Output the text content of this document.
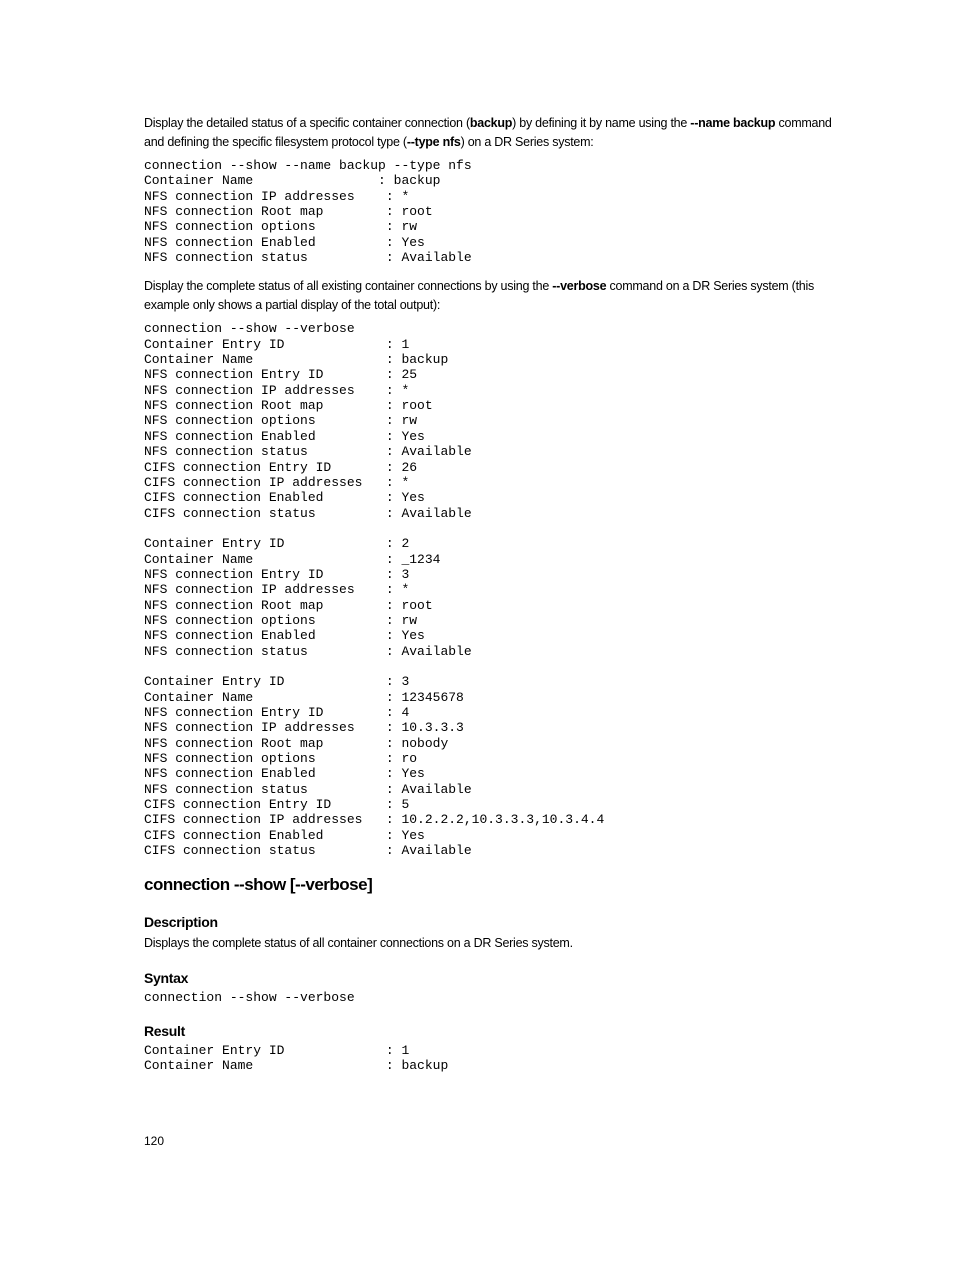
Display the detailed status of a specific container connection (backup) by defining it by name using the --name backup command and defining the specific filesystem protocol type (--type nfs) on a DR Series system:

connection --show --name backup --type nfs
Container Name                : backup
NFS connection IP addresses    : *
NFS connection Root map        : root
NFS connection options         : rw
NFS connection Enabled         : Yes
NFS connection status          : Available

Display the complete status of all existing container connections by using the --verbose command on a DR Series system (this example only shows a partial display of the total output):

connection --show --verbose
Container Entry ID             : 1
Container Name                 : backup
NFS connection Entry ID        : 25
NFS connection IP addresses    : *
NFS connection Root map        : root
NFS connection options         : rw
NFS connection Enabled         : Yes
NFS connection status          : Available
CIFS connection Entry ID       : 26
CIFS connection IP addresses   : *
CIFS connection Enabled        : Yes
CIFS connection status         : Available

Container Entry ID             : 2
Container Name                 : _1234
NFS connection Entry ID        : 3
NFS connection IP addresses    : *
NFS connection Root map        : root
NFS connection options         : rw
NFS connection Enabled         : Yes
NFS connection status          : Available

Container Entry ID             : 3
Container Name                 : 12345678
NFS connection Entry ID        : 4
NFS connection IP addresses    : 10.3.3.3
NFS connection Root map        : nobody
NFS connection options         : ro
NFS connection Enabled         : Yes
NFS connection status          : Available
CIFS connection Entry ID       : 5
CIFS connection IP addresses   : 10.2.2.2,10.3.3.3,10.3.4.4
CIFS connection Enabled        : Yes
CIFS connection status         : Available
connection --show [--verbose]
Description

Displays the complete status of all container connections on a DR Series system.

Syntax
connection --show --verbose
Result
Container Entry ID             : 1
Container Name                 : backup
120
